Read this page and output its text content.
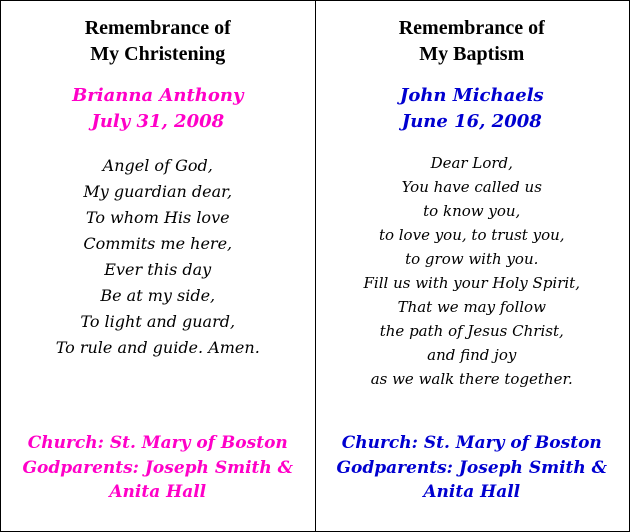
Remembrance of
My Christening
Brianna Anthony
July 31, 2008
Angel of God,
My guardian dear,
To whom His love
Commits me here,
Ever this day
Be at my side,
To light and guard,
To rule and guide. Amen.
Church: St. Mary of Boston
Godparents: Joseph Smith &
Anita Hall
Remembrance of
My Baptism
John Michaels
June 16, 2008
Dear Lord,
You have called us
to know you,
to love you, to trust you,
to grow with you.
Fill us with your Holy Spirit,
That we may follow
the path of Jesus Christ,
and find joy
as we walk there together.
Church: St. Mary of Boston
Godparents: Joseph Smith &
Anita Hall
